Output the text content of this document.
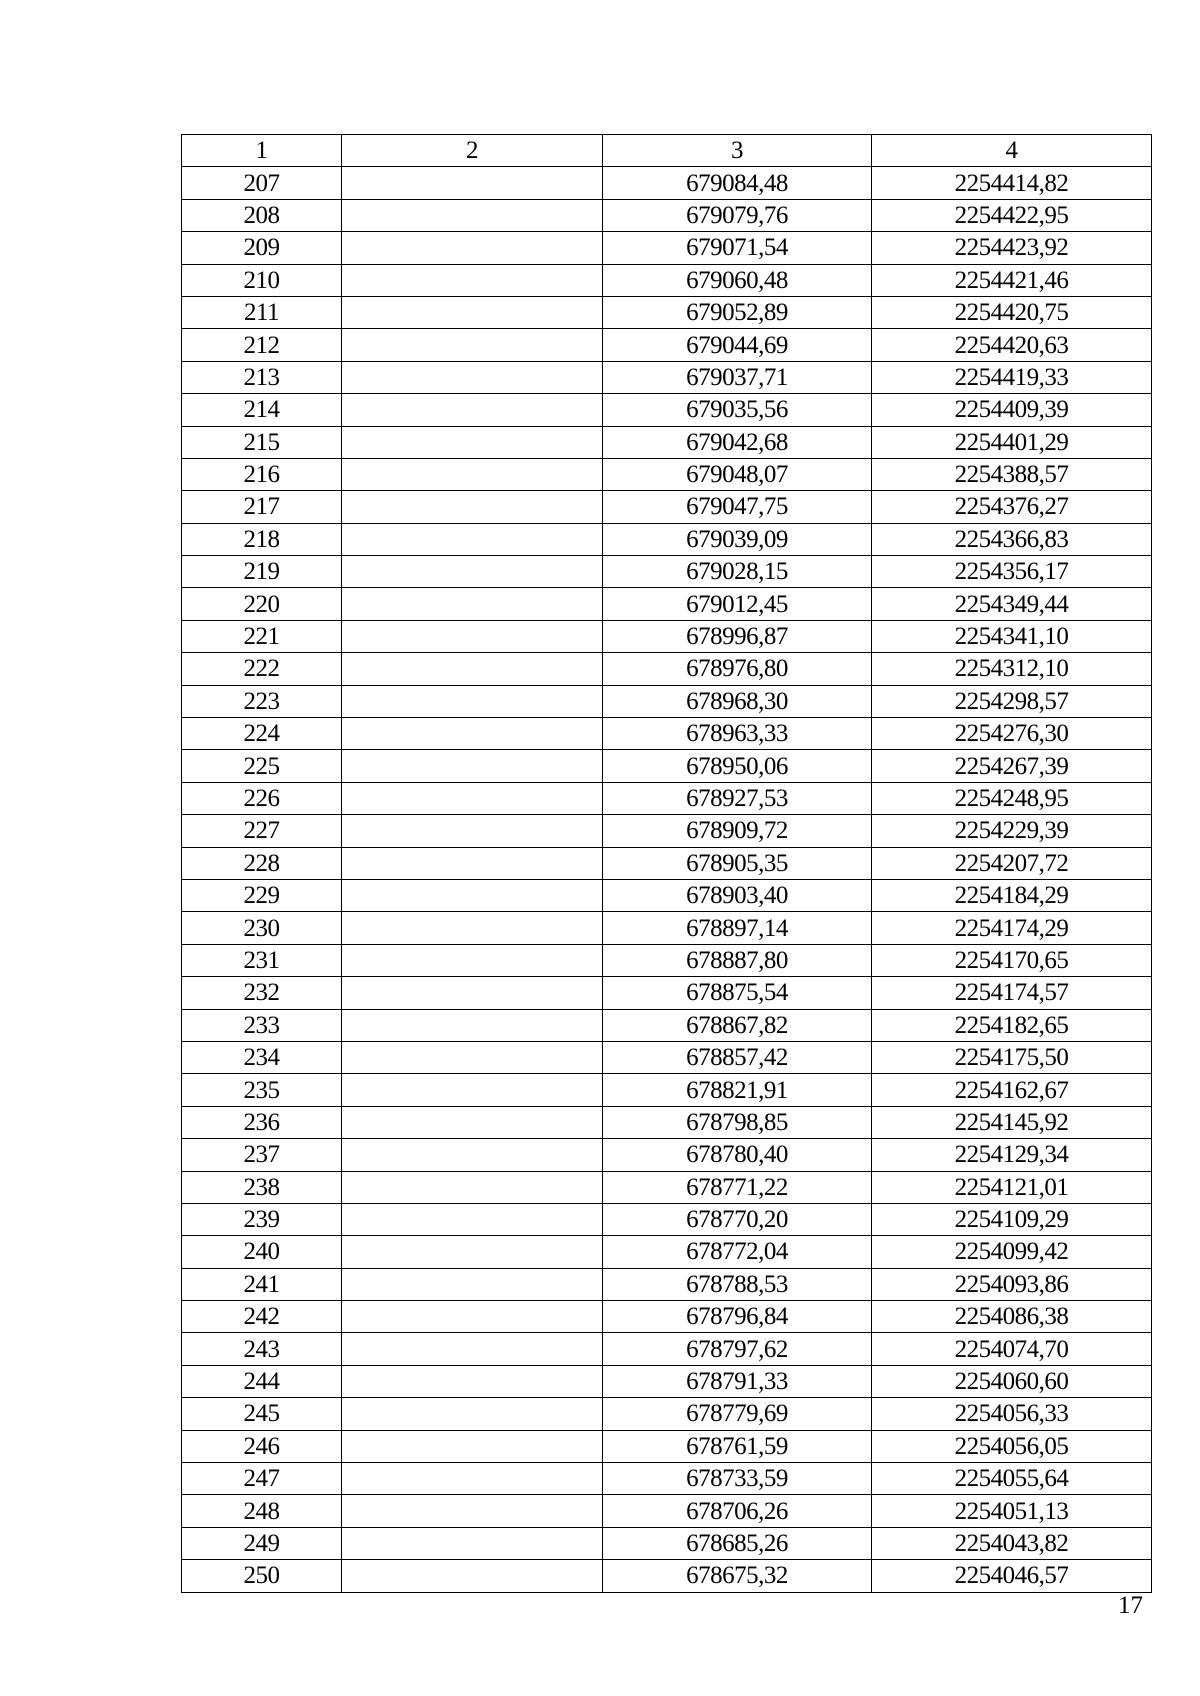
1	2	3	4
207		679084,48	2254414,82
208		679079,76	2254422,95
209		679071,54	2254423,92
210		679060,48	2254421,46
211		679052,89	2254420,75
212		679044,69	2254420,63
213		679037,71	2254419,33
214		679035,56	2254409,39
215		679042,68	2254401,29
216		679048,07	2254388,57
217		679047,75	2254376,27
218		679039,09	2254366,83
219		679028,15	2254356,17
220		679012,45	2254349,44
221		678996,87	2254341,10
222		678976,80	2254312,10
223		678968,30	2254298,57
224		678963,33	2254276,30
225		678950,06	2254267,39
226		678927,53	2254248,95
227		678909,72	2254229,39
228		678905,35	2254207,72
229		678903,40	2254184,29
230		678897,14	2254174,29
231		678887,80	2254170,65
232		678875,54	2254174,57
233		678867,82	2254182,65
234		678857,42	2254175,50
235		678821,91	2254162,67
236		678798,85	2254145,92
237		678780,40	2254129,34
238		678771,22	2254121,01
239		678770,20	2254109,29
240		678772,04	2254099,42
241		678788,53	2254093,86
242		678796,84	2254086,38
243		678797,62	2254074,70
244		678791,33	2254060,60
245		678779,69	2254056,33
246		678761,59	2254056,05
247		678733,59	2254055,64
248		678706,26	2254051,13
249		678685,26	2254043,82
250		678675,32	2254046,57
17
